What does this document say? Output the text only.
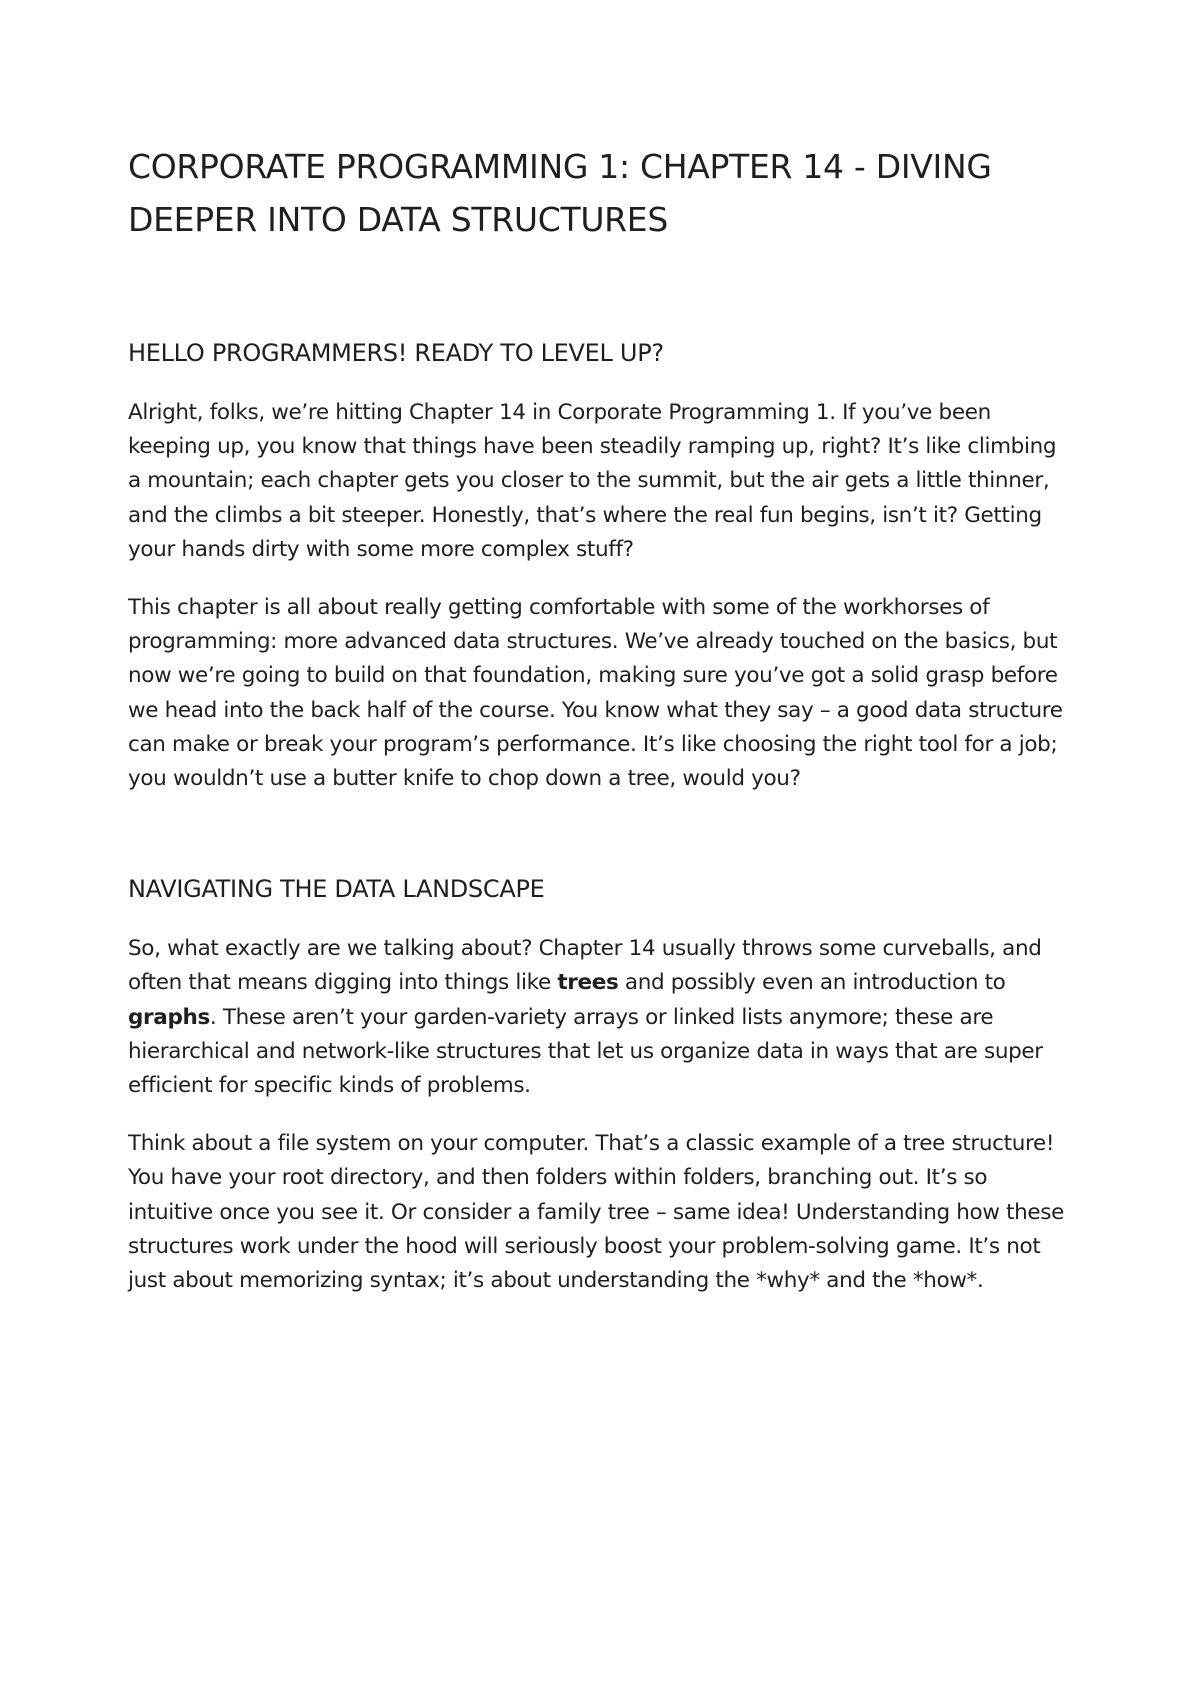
CORPORATE PROGRAMMING 1: CHAPTER 14 - DIVING DEEPER INTO DATA STRUCTURES
HELLO PROGRAMMERS! READY TO LEVEL UP?

Alright, folks, we’re hitting Chapter 14 in Corporate Programming 1. If you’ve been keeping up, you know that things have been steadily ramping up, right? It’s like climbing a mountain; each chapter gets you closer to the summit, but the air gets a little thinner, and the climbs a bit steeper. Honestly, that’s where the real fun begins, isn’t it? Getting your hands dirty with some more complex stuff?

This chapter is all about really getting comfortable with some of the workhorses of programming: more advanced data structures. We’ve already touched on the basics, but now we’re going to build on that foundation, making sure you’ve got a solid grasp before we head into the back half of the course. You know what they say – a good data structure can make or break your program’s performance. It’s like choosing the right tool for a job; you wouldn’t use a butter knife to chop down a tree, would you?

NAVIGATING THE DATA LANDSCAPE

So, what exactly are we talking about? Chapter 14 usually throws some curveballs, and often that means digging into things like trees and possibly even an introduction to graphs. These aren’t your garden-variety arrays or linked lists anymore; these are hierarchical and network-like structures that let us organize data in ways that are super efficient for specific kinds of problems.

Think about a file system on your computer. That’s a classic example of a tree structure! You have your root directory, and then folders within folders, branching out. It’s so intuitive once you see it. Or consider a family tree – same idea! Understanding how these structures work under the hood will seriously boost your problem-solving game. It’s not just about memorizing syntax; it’s about understanding the *why* and the *how*.
